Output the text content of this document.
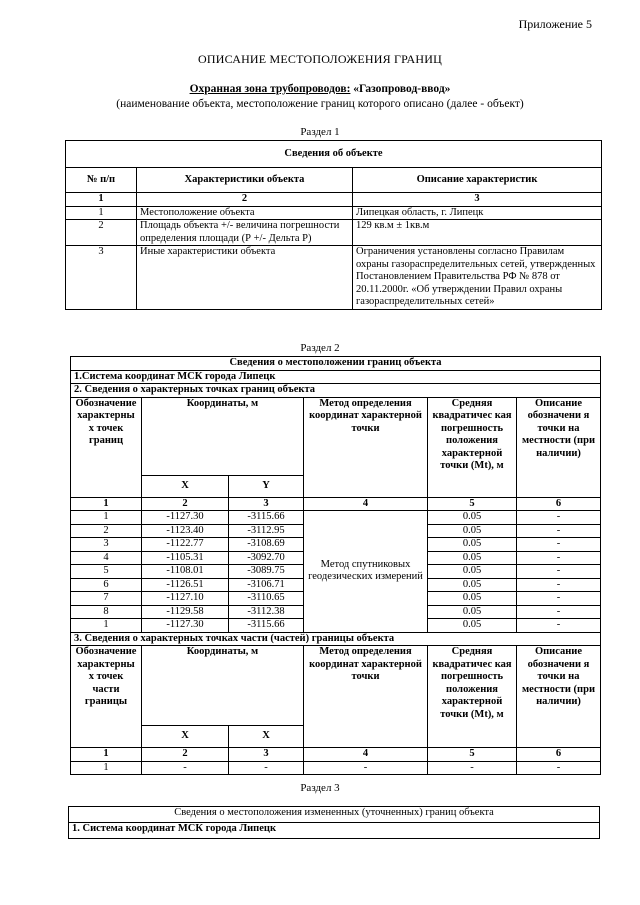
Приложение 5
ОПИСАНИЕ МЕСТОПОЛОЖЕНИЯ ГРАНИЦ
Охранная зона трубопроводов: «Газопровод-ввод»
(наименование объекта, местоположение границ которого описано (далее - объект)
Раздел 1
Сведения об объекте		
№ п/п	Характеристики объекта	Описание характеристик
1	2	3
1	Местоположение объекта	Липецкая область, г. Липецк
2	Площадь объекта +/- величина погрешности определения площади (Р +/- Дельта Р)	129 кв.м ± 1кв.м
3	Иные характеристики объекта	Ограничения установлены согласно Правилам охраны газораспределительных сетей, утвержденных Постановлением Правительства РФ № 878 от 20.11.2000г. «Об утверждении Правил охраны газораспределительных сетей»
Раздел 2
Сведения о местоположении границ объекта					
1.Система координат МСК города Липецк					
2. Сведения о характерных точках границ объекта					
Обозначение характерны х точек границ	Координаты, м		Метод определения координат характерной точки	Средняя квадратичес кая погрешность положения характерной точки (Mt), м	Описание обозначени я точки на местности (при наличии)
	X	Y			
1	2	3	4	5	6
1	-1127.30	-3115.66	Метод спутниковых геодезических измерений	0.05	-
2	-1123.40	-3112.95		0.05	-
3	-1122.77	-3108.69		0.05	-
4	-1105.31	-3092.70		0.05	-
5	-1108.01	-3089.75		0.05	-
6	-1126.51	-3106.71		0.05	-
7	-1127.10	-3110.65		0.05	-
8	-1129.58	-3112.38		0.05	-
1	-1127.30	-3115.66		0.05	-
3. Сведения о характерных точках части (частей) границы объекта					
Обозначение характерны х точек части границы	Координаты, м		Метод определения координат характерной точки	Средняя квадратичес кая погрешность положения характерной точки (Mt), м	Описание обозначени я точки на местности (при наличии)
	X	X			
1	2	3	4	5	6
1	-	-	-	-	-
Раздел 3
Сведения о местоположения измененных (уточненных) границ объекта
1. Система координат МСК города Липецк
